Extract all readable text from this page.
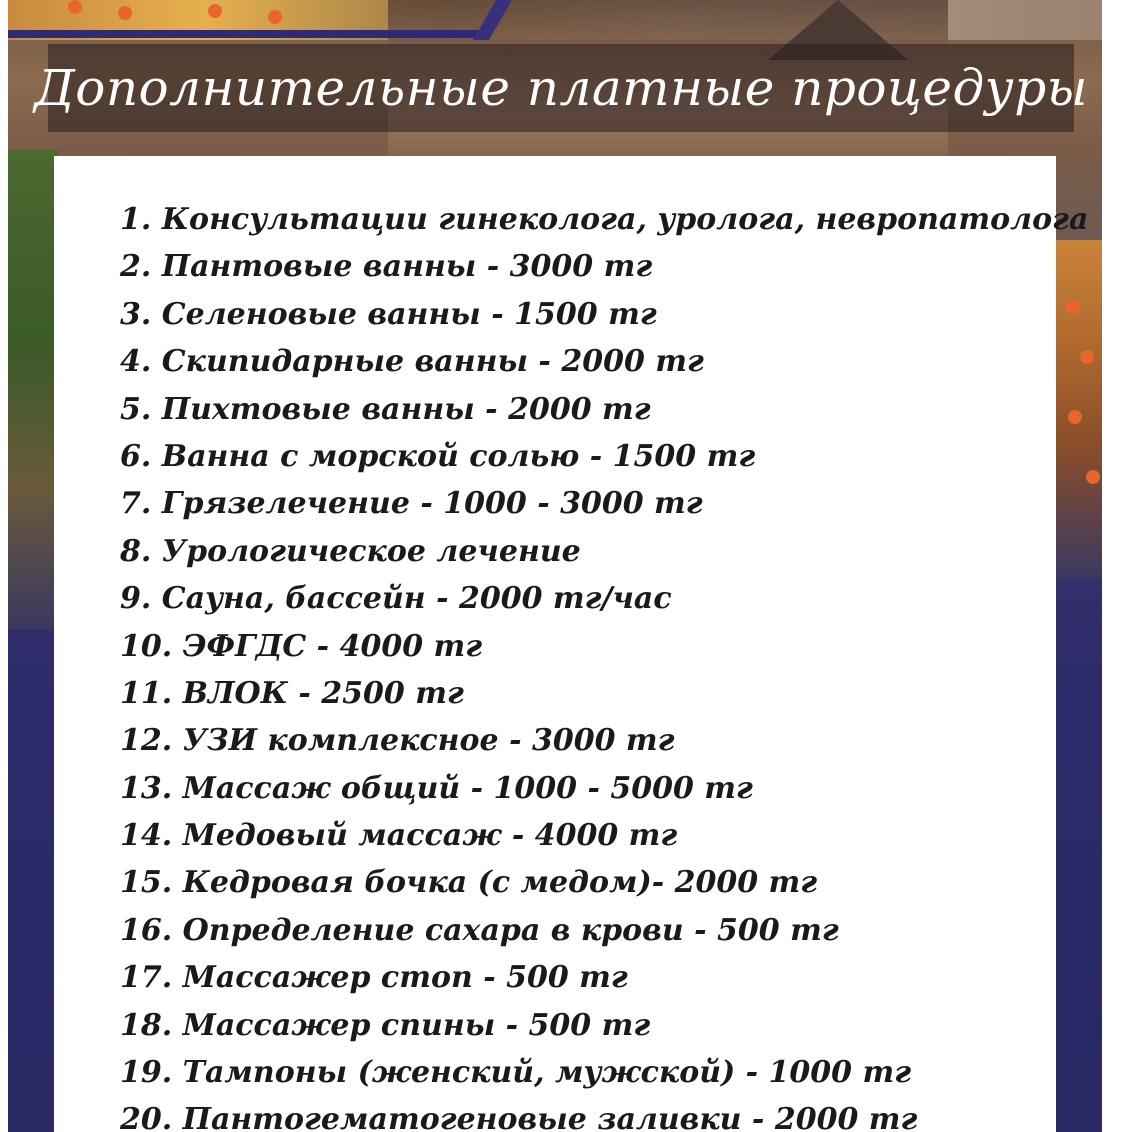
Дополнительные платные процедуры
1. Консультации гинеколога, уролога, невропатолога
2. Пантовые ванны - 3000 тг
3. Селеновые ванны - 1500 тг
4. Скипидарные ванны - 2000 тг
5. Пихтовые ванны - 2000 тг
6. Ванна с морской солью - 1500 тг
7. Грязелечение - 1000 - 3000 тг
8. Урологическое лечение
9. Сауна, бассейн - 2000 тг/час
10. ЭФГДС - 4000 тг
11. ВЛОК - 2500 тг
12. УЗИ комплексное - 3000 тг
13. Массаж общий - 1000 - 5000 тг
14. Медовый массаж - 4000 тг
15. Кедровая бочка (с медом)- 2000 тг
16. Определение сахара в крови - 500 тг
17. Массажер стоп - 500 тг
18. Массажер спины - 500 тг
19. Тампоны (женский, мужской) - 1000 тг
20. Пантогематогеновые заливки - 2000 тг
